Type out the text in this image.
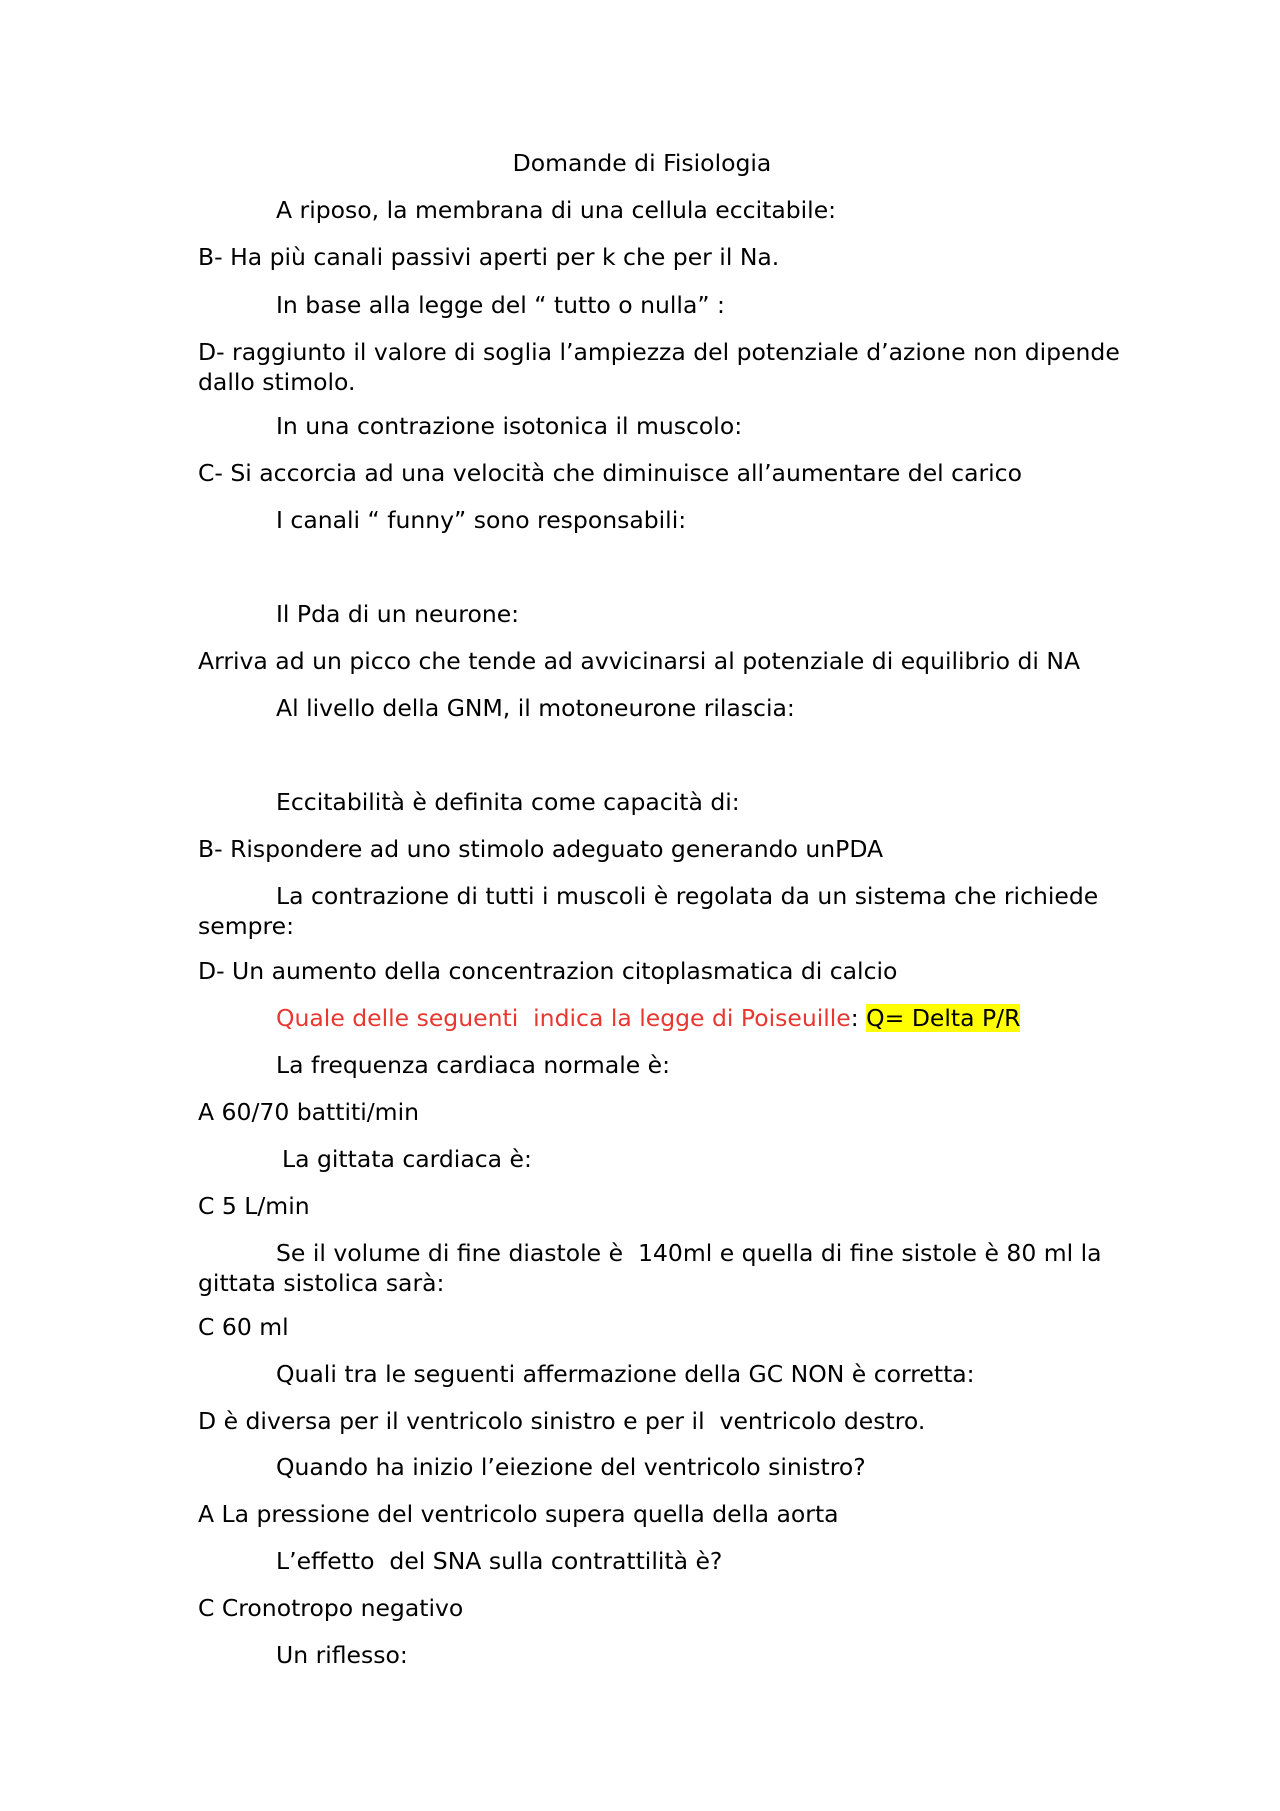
Domande di Fisiologia
A riposo, la membrana di una cellula eccitabile:
B- Ha più canali passivi aperti per k che per il Na.
In base alla legge del “ tutto o nulla” :
D- raggiunto il valore di soglia l’ampiezza del potenziale d’azione non dipende dallo stimolo.
In una contrazione isotonica il muscolo:
C- Si accorcia ad una velocità che diminuisce all’aumentare del carico
I canali “ funny” sono responsabili:
Il Pda di un neurone:
Arriva ad un picco che tende ad avvicinarsi al potenziale di equilibrio di NA
Al livello della GNM, il motoneurone rilascia:
Eccitabilità è definita come capacità di:
B- Rispondere ad uno stimolo adeguato generando unPDA
La contrazione di tutti i muscoli è regolata da un sistema che richiede sempre:
D- Un aumento della concentrazion citoplasmatica di calcio
Quale delle seguenti  indica la legge di Poiseuille: Q= Delta P/R
La frequenza cardiaca normale è:
A 60/70 battiti/min
La gittata cardiaca è:
C 5 L/min
Se il volume di fine diastole è  140ml e quella di fine sistole è 80 ml la gittata sistolica sarà:
C 60 ml
Quali tra le seguenti affermazione della GC NON è corretta:
D è diversa per il ventricolo sinistro e per il  ventricolo destro.
Quando ha inizio l’eiezione del ventricolo sinistro?
A La pressione del ventricolo supera quella della aorta
L’effetto  del SNA sulla contrattilità è?
C Cronotropo negativo
Un riflesso:
